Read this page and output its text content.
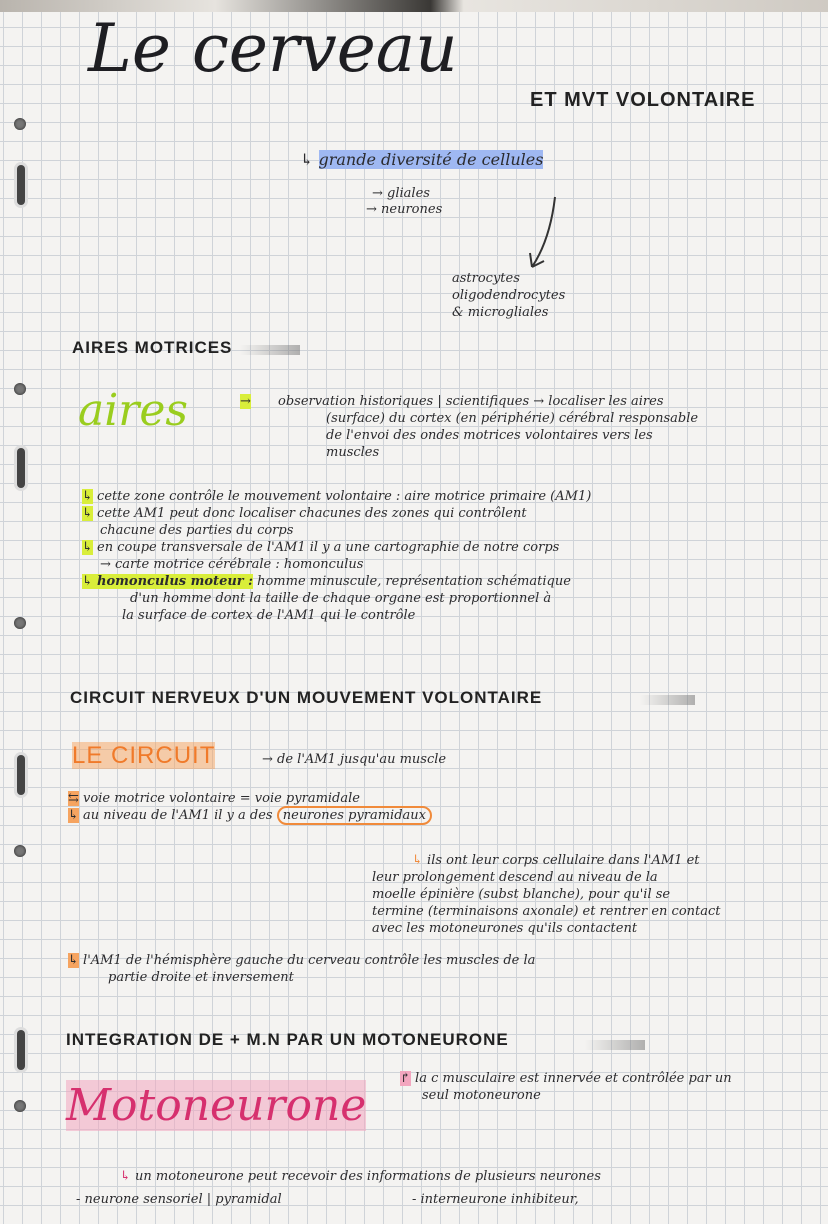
Le cerveau
ET MVT VOLONTAIRE
↳ grande diversité de cellules
→ gliales
→ neurones
astrocytes
oligodendrocytes
& microgliales
AIRES MOTRICES
aires	→ observation historiques | scientifiques → localiser les aires
(surface) du cortex (en périphérie) cérébral responsable
de l'envoi des ondes motrices volontaires vers les
muscles
↳ cette zone contrôle le mouvement volontaire : aire motrice primaire (AM1)
↳ cette AM1 peut donc localiser chacunes des zones qui contrôlent
chacune des parties du corps
↳ en coupe transversale de l'AM1 il y a une cartographie de notre corps
→ carte motrice cérébrale : homonculus
↳ homonculus moteur : homme minuscule, représentation schématique
d'un homme dont la taille de chaque organe est proportionnel à
la surface de cortex de l'AM1 qui le contrôle
CIRCUIT NERVEUX D'UN MOUVEMENT VOLONTAIRE
LE CIRCUIT	→ de l'AM1 jusqu'au muscle
⇆ voie motrice volontaire = voie pyramidale
↳ au niveau de l'AM1 il y a des neurones pyramidaux
↳ ils ont leur corps cellulaire dans l'AM1 et
leur prolongement descend au niveau de la
moelle épinière (subst blanche), pour qu'il se
termine (terminaisons axonale) et rentrer en contact
avec les motoneurones qu'ils contactent
↳ l'AM1 de l'hémisphère gauche du cerveau contrôle les muscles de la
partie droite et inversement
INTEGRATION DE + M.N PAR UN MOTONEURONE
Motoneurone
↱ la c musculaire est innervée et contrôlée par un
seul motoneurone
↳ un motoneurone peut recevoir des informations de plusieurs neurones
- neurone sensoriel | pyramidal	- interneurone inhibiteur,
